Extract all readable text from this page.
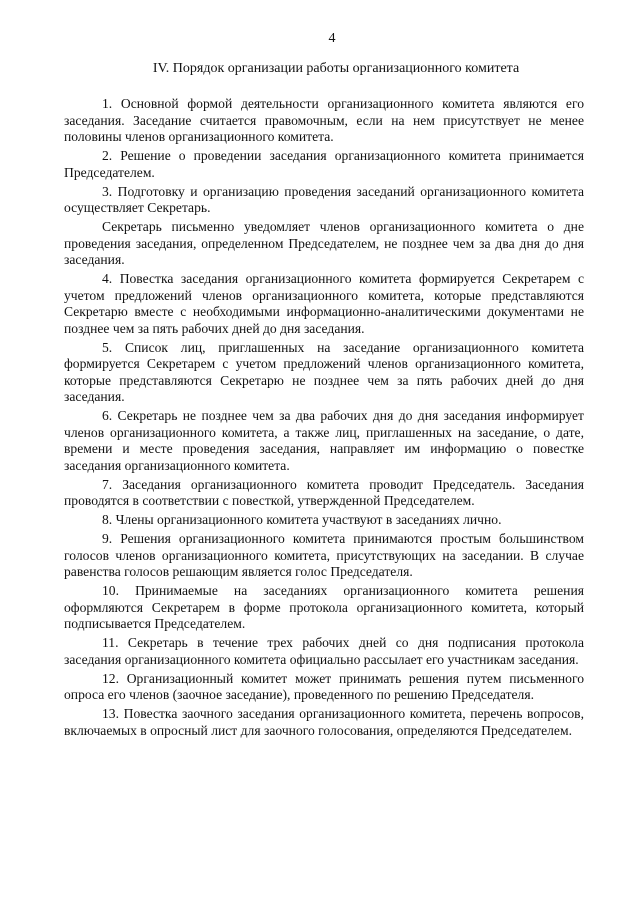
4
IV. Порядок организации работы организационного комитета

1. Основной формой деятельности организационного комитета являются его заседания. Заседание считается правомочным, если на нем присутствует не менее половины членов организационного комитета.

2. Решение о проведении заседания организационного комитета принимается Председателем.

3. Подготовку и организацию проведения заседаний организационного комитета осуществляет Секретарь.

Секретарь письменно уведомляет членов организационного комитета о дне проведения заседания, определенном Председателем, не позднее чем за два дня до дня заседания.

4. Повестка заседания организационного комитета формируется Секретарем с учетом предложений членов организационного комитета, которые представляются Секретарю вместе с необходимыми информационно-аналитическими документами не позднее чем за пять рабочих дней до дня заседания.

5. Список лиц, приглашенных на заседание организационного комитета формируется Секретарем с учетом предложений членов организационного комитета, которые представляются Секретарю не позднее чем за пять рабочих дней до дня заседания.

6. Секретарь не позднее чем за два рабочих дня до дня заседания информирует членов организационного комитета, а также лиц, приглашенных на заседание, о дате, времени и месте проведения заседания, направляет им информацию о повестке заседания организационного комитета.

7. Заседания организационного комитета проводит Председатель. Заседания проводятся в соответствии с повесткой, утвержденной Председателем.

8. Члены организационного комитета участвуют в заседаниях лично.

9. Решения организационного комитета принимаются простым большинством голосов членов организационного комитета, присутствующих на заседании. В случае равенства голосов решающим является голос Председателя.

10. Принимаемые на заседаниях организационного комитета решения оформляются Секретарем в форме протокола организационного комитета, который подписывается Председателем.

11. Секретарь в течение трех рабочих дней со дня подписания протокола заседания организационного комитета официально рассылает его участникам заседания.

12. Организационный комитет может принимать решения путем письменного опроса его членов (заочное заседание), проведенного по решению Председателя.

13. Повестка заочного заседания организационного комитета, перечень вопросов, включаемых в опросный лист для заочного голосования, определяются Председателем.
